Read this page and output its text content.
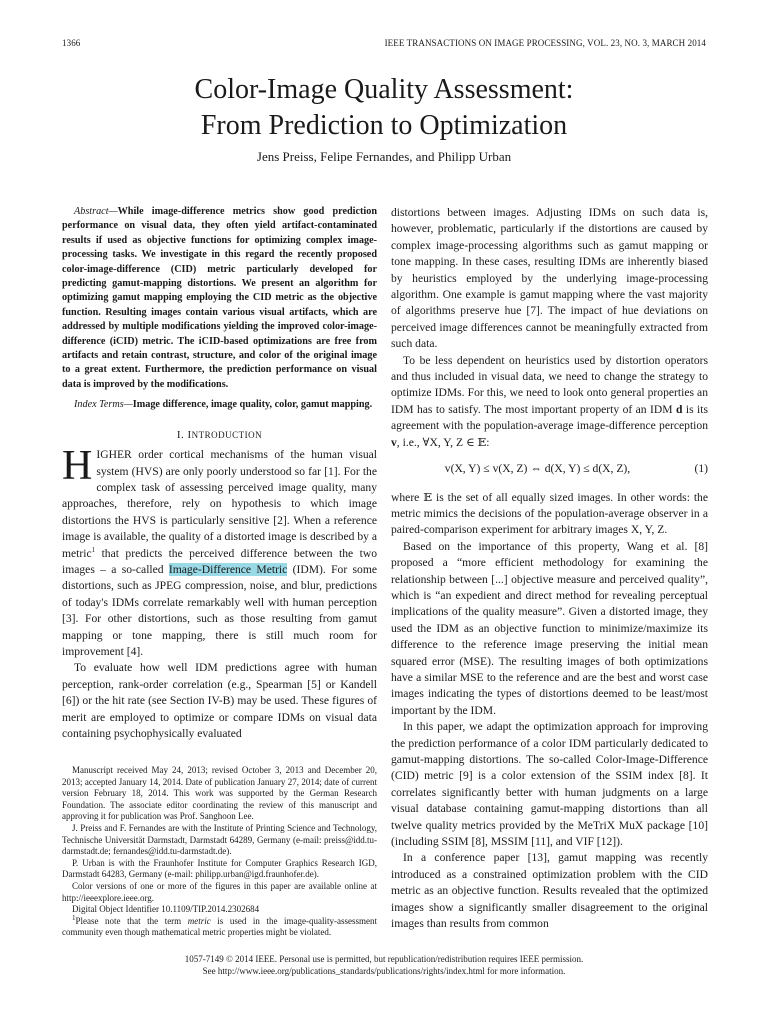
1366	IEEE TRANSACTIONS ON IMAGE PROCESSING, VOL. 23, NO. 3, MARCH 2014
Color-Image Quality Assessment:
From Prediction to Optimization
Jens Preiss, Felipe Fernandes, and Philipp Urban

Abstract—While image-difference metrics show good prediction performance on visual data, they often yield artifact-contaminated results if used as objective functions for optimizing complex image-processing tasks. We investigate in this regard the recently proposed color-image-difference (CID) metric particularly developed for predicting gamut-mapping distortions. We present an algorithm for optimizing gamut mapping employing the CID metric as the objective function. Resulting images contain various visual artifacts, which are addressed by multiple modifications yielding the improved color-image-difference (iCID) metric. The iCID-based optimizations are free from artifacts and retain contrast, structure, and color of the original image to a great extent. Furthermore, the prediction performance on visual data is improved by the modifications.

Index Terms—Image difference, image quality, color, gamut mapping.

I. INTRODUCTION

HIGHER order cortical mechanisms of the human visual system (HVS) are only poorly understood so far [1]. For the complex task of assessing perceived image quality, many approaches, therefore, rely on hypothesis to which image distortions the HVS is particularly sensitive [2]. When a reference image is available, the quality of a distorted image is described by a metric$^1$ that predicts the perceived difference between the two images – a so-called Image-Difference Metric (IDM). For some distortions, such as JPEG compression, noise, and blur, predictions of today's IDMs correlate remarkably well with human perception [3]. For other distortions, such as those resulting from gamut mapping or tone mapping, there is still much room for improvement [4].

To evaluate how well IDM predictions agree with human perception, rank-order correlation (e.g., Spearman [5] or Kandell [6]) or the hit rate (see Section IV-B) may be used. These figures of merit are employed to optimize or compare IDMs on visual data containing psychophysically evaluated

Manuscript received May 24, 2013; revised October 3, 2013 and December 20, 2013; accepted January 14, 2014. Date of publication January 27, 2014; date of current version February 18, 2014. This work was supported by the German Research Foundation. The associate editor coordinating the review of this manuscript and approving it for publication was Prof. Sanghoon Lee.

J. Preiss and F. Fernandes are with the Institute of Printing Science and Technology, Technische Universität Darmstadt, Darmstadt 64289, Germany (e-mail: preiss@idd.tu-darmstadt.de; fernandes@idd.tu-darmstadt.de).

P. Urban is with the Fraunhofer Institute for Computer Graphics Research IGD, Darmstadt 64283, Germany (e-mail: philipp.urban@igd.fraunhofer.de).

Color versions of one or more of the figures in this paper are available online at http://ieeexplore.ieee.org.

Digital Object Identifier 10.1109/TIP.2014.2302684

$^1$Please note that the term metric is used in the image-quality-assessment community even though mathematical metric properties might be violated.

distortions between images. Adjusting IDMs on such data is, however, problematic, particularly if the distortions are caused by complex image-processing algorithms such as gamut mapping or tone mapping. In these cases, resulting IDMs are inherently biased by heuristics employed by the underlying image-processing algorithm. One example is gamut mapping where the vast majority of algorithms preserve hue [7]. The impact of hue deviations on perceived image differences cannot be meaningfully extracted from such data.

To be less dependent on heuristics used by distortion operators and thus included in visual data, we need to change the strategy to optimize IDMs. For this, we need to look onto general properties an IDM has to satisfy. The most important property of an IDM d is its agreement with the population-average image-difference perception v, i.e., ∀X, Y, Z ∈ 𝔼:

v(X, Y) ≤ v(X, Z) ⇔ d(X, Y) ≤ d(X, Z),	(1)

where 𝔼 is the set of all equally sized images. In other words: the metric mimics the decisions of the population-average observer in a paired-comparison experiment for arbitrary images X, Y, Z.

Based on the importance of this property, Wang et al. [8] proposed a “more efficient methodology for examining the relationship between [...] objective measure and perceived quality”, which is “an expedient and direct method for revealing perceptual implications of the quality measure”. Given a distorted image, they used the IDM as an objective function to minimize/maximize its difference to the reference image preserving the initial mean squared error (MSE). The resulting images of both optimizations have a similar MSE to the reference and are the best and worst case images indicating the types of distortions deemed to be least/most important by the IDM.

In this paper, we adapt the optimization approach for improving the prediction performance of a color IDM particularly dedicated to gamut-mapping distortions. The so-called Color-Image-Difference (CID) metric [9] is a color extension of the SSIM index [8]. It correlates significantly better with human judgments on a large visual database containing gamut-mapping distortions than all twelve quality metrics provided by the MeTriX MuX package [10] (including SSIM [8], MSSIM [11], and VIF [12]).

In a conference paper [13], gamut mapping was recently introduced as a constrained optimization problem with the CID metric as an objective function. Results revealed that the optimized images show a significantly smaller disagreement to the original images than results from common

1057-7149 © 2014 IEEE. Personal use is permitted, but republication/redistribution requires IEEE permission.
See http://www.ieee.org/publications_standards/publications/rights/index.html for more information.
